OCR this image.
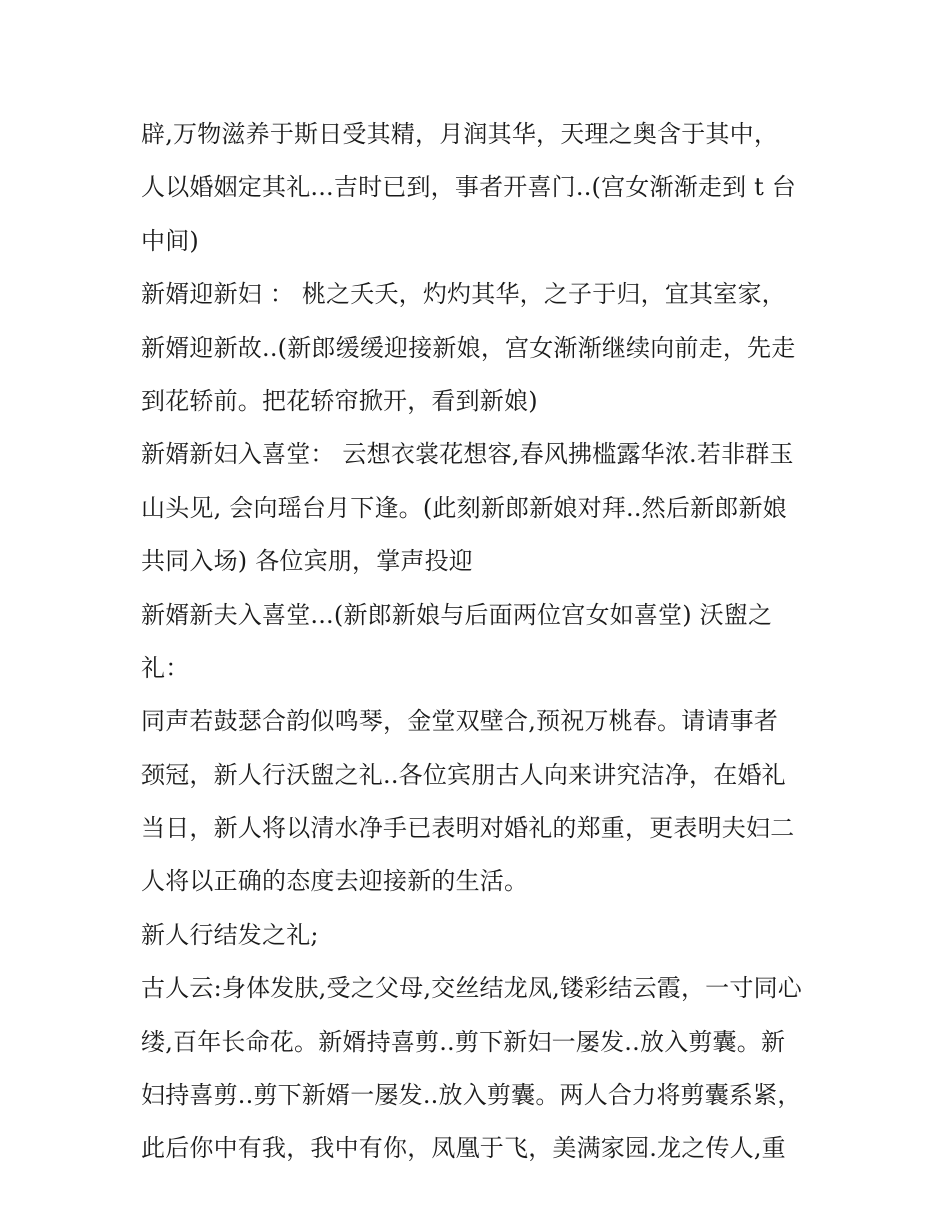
辟,万物滋养于斯日受其精，月润其华，天理之奥含于其中，
人以婚姻定其礼...吉时已到，事者开喜门..(宫女渐渐走到 t 台
中间)
新婿迎新妇 ： 桃之夭夭，灼灼其华，之子于归，宜其室家，
新婿迎新故..(新郎缓缓迎接新娘，宫女渐渐继续向前走，先走
到花轿前。把花轿帘掀开，看到新娘)
新婿新妇入喜堂： 云想衣裳花想容,春风拂槛露华浓.若非群玉
山头见, 会向瑶台月下逢。(此刻新郎新娘对拜..然后新郎新娘
共同入场) 各位宾朋，掌声投迎
新婿新夫入喜堂...(新郎新娘与后面两位宫女如喜堂) 沃盥之
礼：
同声若鼓瑟合韵似鸣琴，金堂双壁合,预祝万桃春。请请事者
颈冠，新人行沃盥之礼..各位宾朋古人向来讲究洁净，在婚礼
当日，新人将以清水净手已表明对婚礼的郑重，更表明夫妇二
人将以正确的态度去迎接新的生活。
新人行结发之礼;
古人云:身体发肤,受之父母,交丝结龙凤,镂彩结云霞，一寸同心
缕,百年长命花。新婿持喜剪..剪下新妇一屡发..放入剪囊。新
妇持喜剪..剪下新婿一屡发..放入剪囊。两人合力将剪囊系紧，
此后你中有我，我中有你，凤凰于飞，美满家园.龙之传人,重
